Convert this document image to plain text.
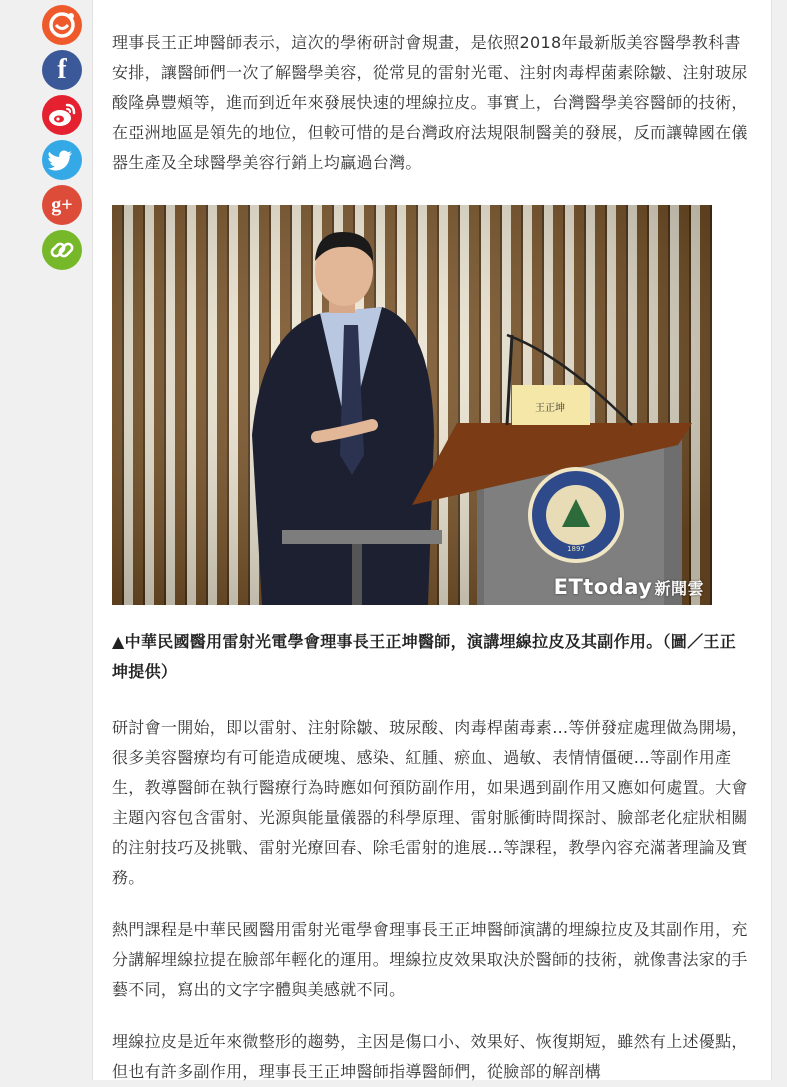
f
g+

理事長王正坤醫師表示，這次的學術研討會規畫，是依照2018年最新版美容醫學教科書安排，讓醫師們一次了解醫學美容，從常見的雷射光電、注射肉毒桿菌素除皺、注射玻尿酸隆鼻豐頰等，進而到近年來發展快速的埋線拉皮。事實上，台灣醫學美容醫師的技術，在亞洲地區是領先的地位，但較可惜的是台灣政府法規限制醫美的發展，反而讓韓國在儀器生產及全球醫學美容行銷上均贏過台灣。

王正坤
1897
ETtoday 新聞雲

▲中華民國醫用雷射光電學會理事長王正坤醫師，演講埋線拉皮及其副作用。（圖／王正坤提供）

研討會一開始，即以雷射、注射除皺、玻尿酸、肉毒桿菌毒素…等併發症處理做為開場，很多美容醫療均有可能造成硬塊、感染、紅腫、瘀血、過敏、表情情僵硬…等副作用產生，教導醫師在執行醫療行為時應如何預防副作用，如果遇到副作用又應如何處置。大會主題內容包含雷射、光源與能量儀器的科學原理、雷射脈衝時間探討、臉部老化症狀相關的注射技巧及挑戰、雷射光療回春、除毛雷射的進展…等課程，教學內容充滿著理論及實務。

熱門課程是中華民國醫用雷射光電學會理事長王正坤醫師演講的埋線拉皮及其副作用，充分講解埋線拉提在臉部年輕化的運用。埋線拉皮效果取決於醫師的技術，就像書法家的手藝不同，寫出的文字字體與美感就不同。

埋線拉皮是近年來微整形的趨勢，主因是傷口小、效果好、恢復期短，雖然有上述優點，但也有許多副作用，理事長王正坤醫師指導醫師們，從臉部的解剖構
